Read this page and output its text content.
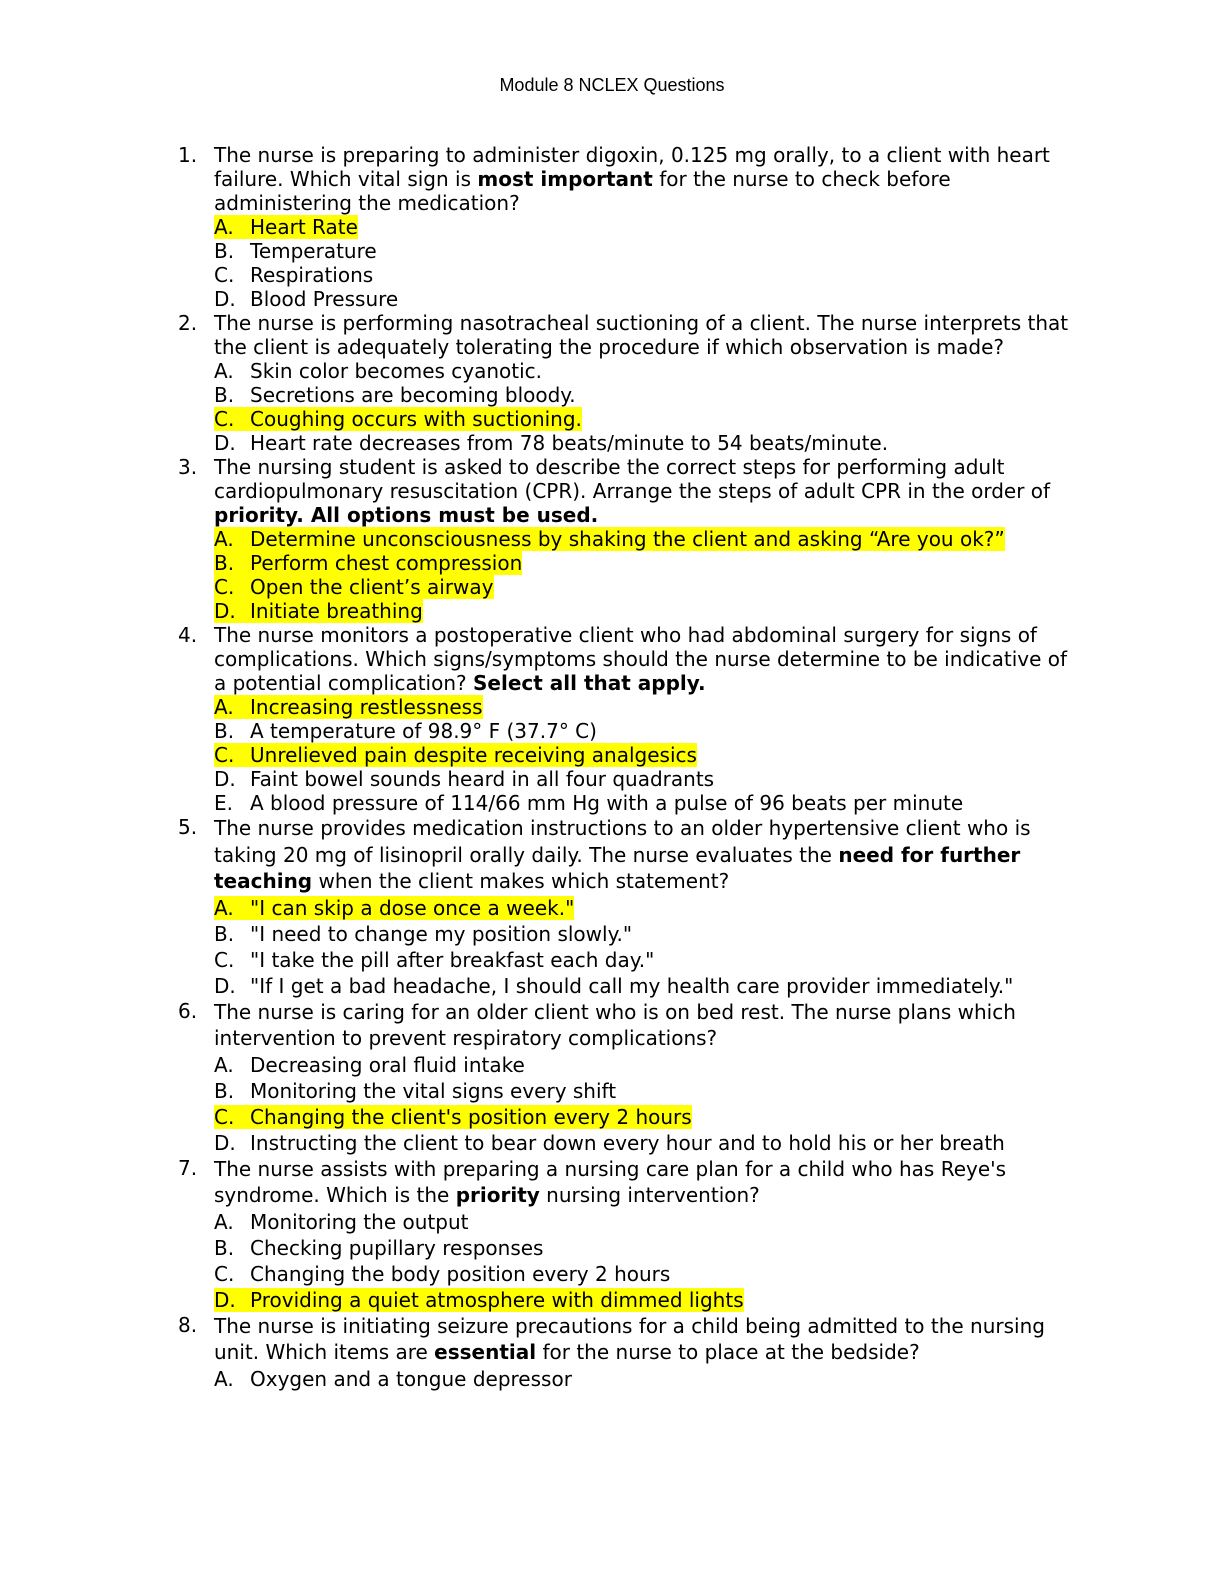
Module 8 NCLEX Questions
1. The nurse is preparing to administer digoxin, 0.125 mg orally, to a client with heart failure. Which vital sign is most important for the nurse to check before administering the medication?
A. Heart Rate
B. Temperature
C. Respirations
D. Blood Pressure
2. The nurse is performing nasotracheal suctioning of a client. The nurse interprets that the client is adequately tolerating the procedure if which observation is made?
A. Skin color becomes cyanotic.
B. Secretions are becoming bloody.
C. Coughing occurs with suctioning.
D. Heart rate decreases from 78 beats/minute to 54 beats/minute.
3. The nursing student is asked to describe the correct steps for performing adult cardiopulmonary resuscitation (CPR). Arrange the steps of adult CPR in the order of priority. All options must be used.
A. Determine unconsciousness by shaking the client and asking “Are you ok?”
B. Perform chest compression
C. Open the client’s airway
D. Initiate breathing
4. The nurse monitors a postoperative client who had abdominal surgery for signs of complications. Which signs/symptoms should the nurse determine to be indicative of a potential complication? Select all that apply.
A. Increasing restlessness
B. A temperature of 98.9° F (37.7° C)
C. Unrelieved pain despite receiving analgesics
D. Faint bowel sounds heard in all four quadrants
E. A blood pressure of 114/66 mm Hg with a pulse of 96 beats per minute
5. The nurse provides medication instructions to an older hypertensive client who is taking 20 mg of lisinopril orally daily. The nurse evaluates the need for further teaching when the client makes which statement?
A. "I can skip a dose once a week."
B. "I need to change my position slowly."
C. "I take the pill after breakfast each day."
D. "If I get a bad headache, I should call my health care provider immediately."
6. The nurse is caring for an older client who is on bed rest. The nurse plans which intervention to prevent respiratory complications?
A. Decreasing oral fluid intake
B. Monitoring the vital signs every shift
C. Changing the client's position every 2 hours
D. Instructing the client to bear down every hour and to hold his or her breath
7. The nurse assists with preparing a nursing care plan for a child who has Reye's syndrome. Which is the priority nursing intervention?
A. Monitoring the output
B. Checking pupillary responses
C. Changing the body position every 2 hours
D. Providing a quiet atmosphere with dimmed lights
8. The nurse is initiating seizure precautions for a child being admitted to the nursing unit. Which items are essential for the nurse to place at the bedside?
A. Oxygen and a tongue depressor
